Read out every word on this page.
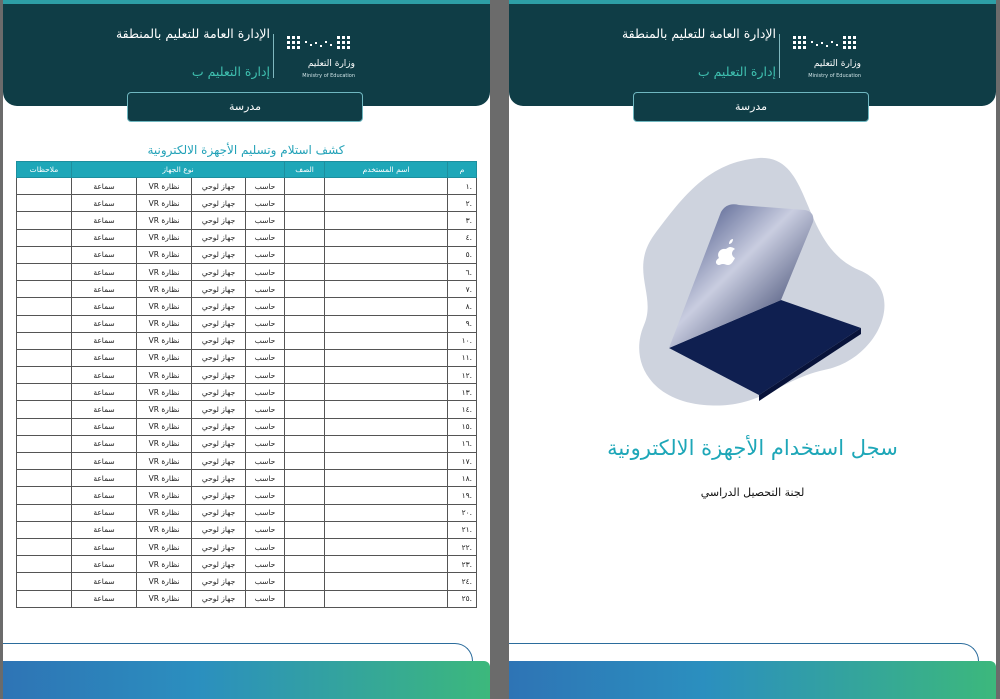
الإدارة العامة للتعليم بالمنطقة
إدارة التعليم ب	وزارة التعليم
Ministry of Education
مدرسة
كشف استلام وتسليم الأجهزة الالكترونية
م	اسم المستخدم	الصف	نوع الجهاز				ملاحظات
.١			حاسب	جهاز لوحي	نظارة VR	سماعة	
.٢			حاسب	جهاز لوحي	نظارة VR	سماعة	
.٣			حاسب	جهاز لوحي	نظارة VR	سماعة	
.٤			حاسب	جهاز لوحي	نظارة VR	سماعة	
.٥			حاسب	جهاز لوحي	نظارة VR	سماعة	
.٦			حاسب	جهاز لوحي	نظارة VR	سماعة	
.٧			حاسب	جهاز لوحي	نظارة VR	سماعة	
.٨			حاسب	جهاز لوحي	نظارة VR	سماعة	
.٩			حاسب	جهاز لوحي	نظارة VR	سماعة	
.١٠			حاسب	جهاز لوحي	نظارة VR	سماعة	
.١١			حاسب	جهاز لوحي	نظارة VR	سماعة	
.١٢			حاسب	جهاز لوحي	نظارة VR	سماعة	
.١٣			حاسب	جهاز لوحي	نظارة VR	سماعة	
.١٤			حاسب	جهاز لوحي	نظارة VR	سماعة	
.١٥			حاسب	جهاز لوحي	نظارة VR	سماعة	
.١٦			حاسب	جهاز لوحي	نظارة VR	سماعة	
.١٧			حاسب	جهاز لوحي	نظارة VR	سماعة	
.١٨			حاسب	جهاز لوحي	نظارة VR	سماعة	
.١٩			حاسب	جهاز لوحي	نظارة VR	سماعة	
.٢٠			حاسب	جهاز لوحي	نظارة VR	سماعة	
.٢١			حاسب	جهاز لوحي	نظارة VR	سماعة	
.٢٢			حاسب	جهاز لوحي	نظارة VR	سماعة	
.٢٣			حاسب	جهاز لوحي	نظارة VR	سماعة	
.٢٤			حاسب	جهاز لوحي	نظارة VR	سماعة	
.٢٥			حاسب	جهاز لوحي	نظارة VR	سماعة	
الإدارة العامة للتعليم بالمنطقة
إدارة التعليم ب	وزارة التعليم
Ministry of Education
مدرسة
سجل استخدام الأجهزة الالكترونية
لجنة التحصيل الدراسي
